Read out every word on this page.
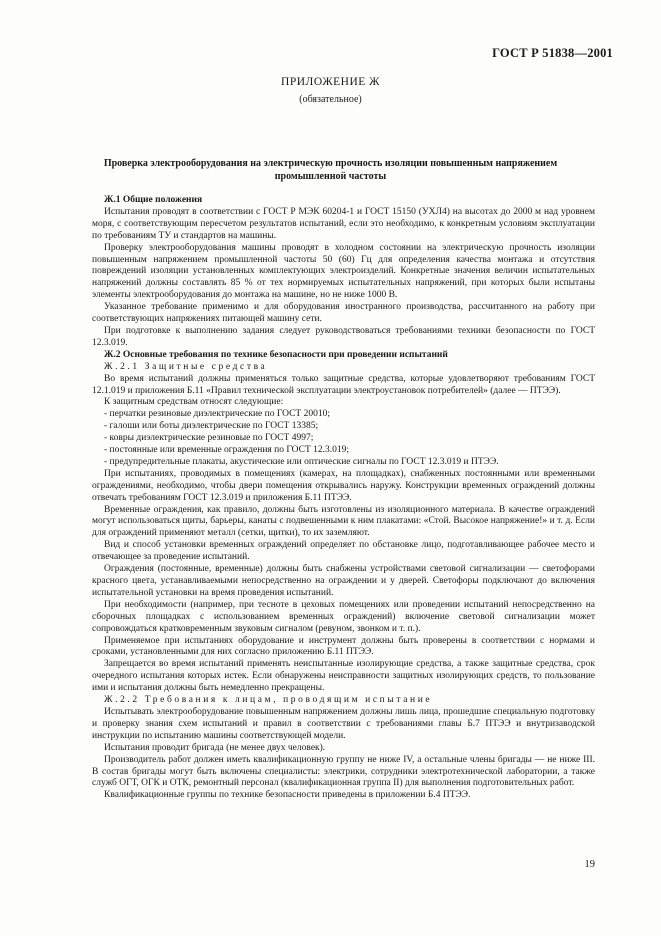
ГОСТ Р 51838—2001
ПРИЛОЖЕНИЕ Ж
(обязательное)
Проверка электрооборудования на электрическую прочность изоляции повышенным напряжением промышленной частоты

Ж.1 Общие положения

Испытания проводят в соответствии с ГОСТ Р МЭК 60204-1 и ГОСТ 15150 (УХЛ4) на высотах до 2000 м над уровнем моря, с соответствующим пересчетом результатов испытаний, если это необходимо, к конкретным условиям эксплуатации по требованиям ТУ и стандартов на машины.

Проверку электрооборудования машины проводят в холодном состоянии на электрическую прочность изоляции повышенным напряжением промышленной частоты 50 (60) Гц для определения качества монтажа и отсутствия повреждений изоляции установленных комплектующих электроизделий. Конкретные значения величин испытательных напряжений должны составлять 85 % от тех нормируемых испытательных напряжений, при которых были испытаны элементы электрооборудования до монтажа на машине, но не ниже 1000 В.

Указанное требование применимо и для оборудования иностранного производства, рассчитанного на работу при соответствующих напряжениях питающей машину сети.

При подготовке к выполнению задания следует руководствоваться требованиями техники безопасности по ГОСТ 12.3.019.

Ж.2 Основные требования по технике безопасности при проведении испытаний

Ж.2.1 Защитные средства

Во время испытаний должны применяться только защитные средства, которые удовлетворяют требованиям ГОСТ 12.1.019 и приложения Б.11 «Правил технической эксплуатации электроустановок потребителей» (далее — ПТЭЭ).

К защитным средствам относят следующие:

- перчатки резиновые диэлектрические по ГОСТ 20010;

- галоши или боты диэлектрические по ГОСТ 13385;

- ковры диэлектрические резиновые по ГОСТ 4997;

- постоянные или временные ограждения по ГОСТ 12.3.019;

- предупредительные плакаты, акустические или оптические сигналы по ГОСТ 12.3.019 и ПТЭЭ.

При испытаниях, проводимых в помещениях (камерах, на площадках), снабженных постоянными или временными ограждениями, необходимо, чтобы двери помещения открывались наружу. Конструкции временных ограждений должны отвечать требованиям ГОСТ 12.3.019 и приложения Б.11 ПТЭЭ.

Временные ограждения, как правило, должны быть изготовлены из изоляционного материала. В качестве ограждений могут использоваться щиты, барьеры, канаты с подвешенными к ним плакатами: «Стой. Высокое напряжение!» и т. д. Если для ограждений применяют металл (сетки, щитки), то их заземляют.

Вид и способ установки временных ограждений определяет по обстановке лицо, подготавливающее рабочее место и отвечающее за проведение испытаний.

Ограждения (постоянные, временные) должны быть снабжены устройствами световой сигнализации — светофорами красного цвета, устанавливаемыми непосредственно на ограждении и у дверей. Светофоры подключают до включения испытательной установки на время проведения испытаний.

При необходимости (например, при тесноте в цеховых помещениях или проведении испытаний непосредственно на сборочных площадках с использованием временных ограждений) включение световой сигнализации может сопровождаться кратковременным звуковым сигналом (ревуном, звонком и т. п.).

Применяемое при испытаниях оборудование и инструмент должны быть проверены в соответствии с нормами и сроками, установленными для них согласно приложению Б.11 ПТЭЭ.

Запрещается во время испытаний применять неиспытанные изолирующие средства, а также защитные средства, срок очередного испытания которых истек. Если обнаружены неисправности защитных изолирующих средств, то пользование ими и испытания должны быть немедленно прекращены.

Ж.2.2 Требования к лицам, проводящим испытание

Испытывать электрооборудование повышенным напряжением должны лишь лица, прошедшие специальную подготовку и проверку знания схем испытаний и правил в соответствии с требованиями главы Б.7 ПТЭЭ и внутризаводской инструкции по испытанию машины соответствующей модели.

Испытания проводит бригада (не менее двух человек).

Производитель работ должен иметь квалификационную группу не ниже IV, а остальные члены бригады — не ниже III. В состав бригады могут быть включены специалисты: электрики, сотрудники электротехнической лаборатории, а также служб ОГТ, ОГК и ОТК, ремонтный персонал (квалификационная группа II) для выполнения подготовительных работ.

Квалификационные группы по технике безопасности приведены в приложении Б.4 ПТЭЭ.

19
